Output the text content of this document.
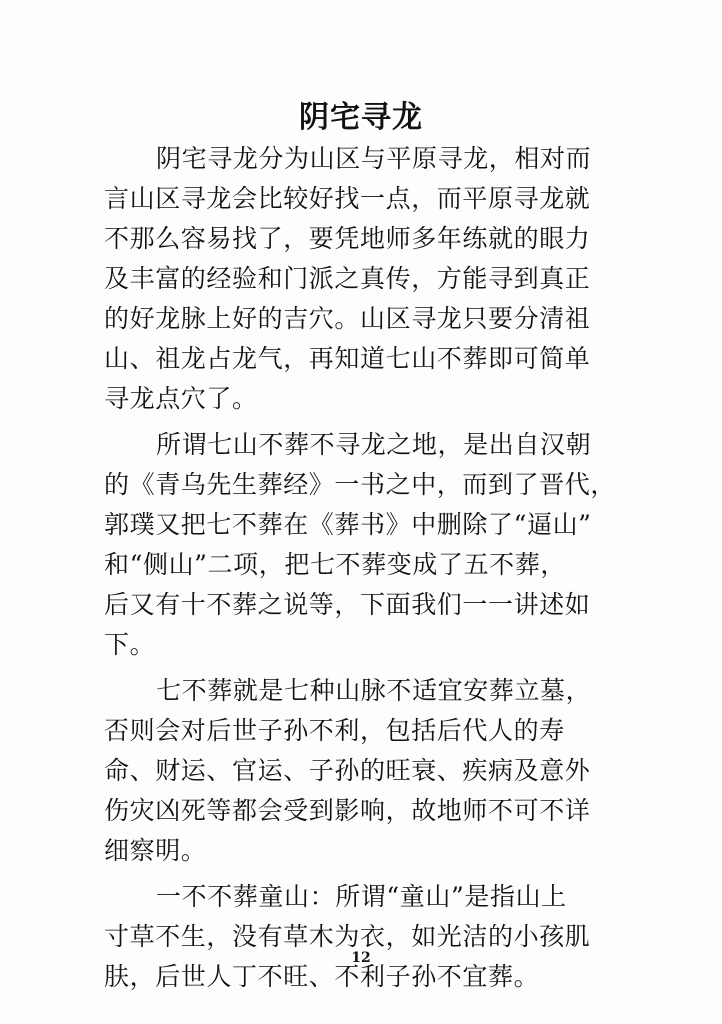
阴宅寻龙
阴宅寻龙分为山区与平原寻龙，相对而
言山区寻龙会比较好找一点，而平原寻龙就
不那么容易找了，要凭地师多年练就的眼力
及丰富的经验和门派之真传，方能寻到真正
的好龙脉上好的吉穴。山区寻龙只要分清祖
山、祖龙占龙气，再知道七山不葬即可简单
寻龙点穴了。
所谓七山不葬不寻龙之地，是出自汉朝
的《青乌先生葬经》一书之中，而到了晋代，
郭璞又把七不葬在《葬书》中删除了“逼山”
和“侧山”二项，把七不葬变成了五不葬，
后又有十不葬之说等，下面我们一一讲述如
下。
七不葬就是七种山脉不适宜安葬立墓，
否则会对后世子孙不利，包括后代人的寿
命、财运、官运、子孙的旺衰、疾病及意外
伤灾凶死等都会受到影响，故地师不可不详
细察明。
一不不葬童山：所谓“童山”是指山上
寸草不生，没有草木为衣，如光洁的小孩肌
肤，后世人丁不旺、不利子孙不宜葬。
12
